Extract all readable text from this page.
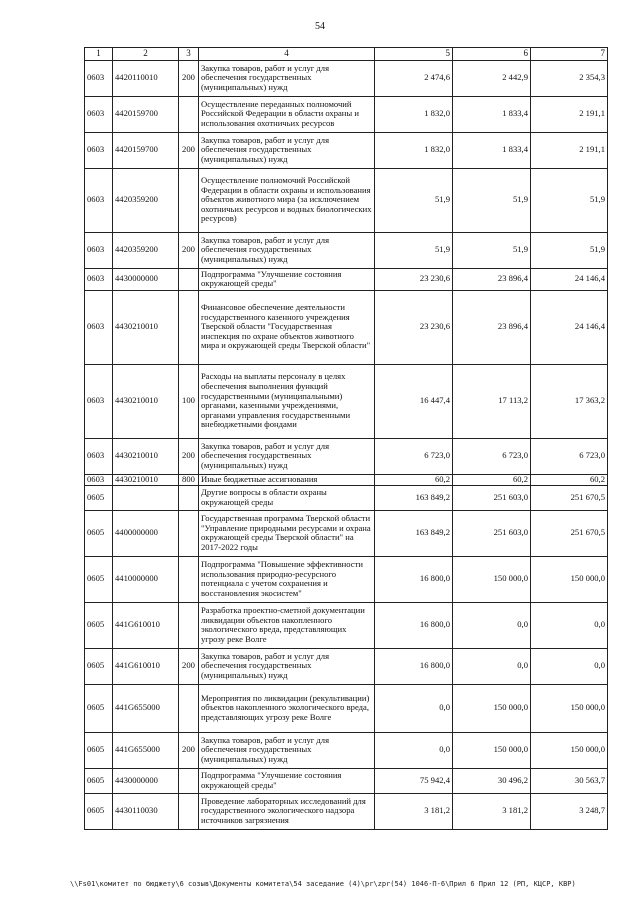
54
1	2	3	4	5	6	7
0603	4420110010	200	Закупка товаров, работ и услуг для обеспечения государственных (муниципальных) нужд	2 474,6	2 442,9	2 354,3
0603	4420159700		Осуществление переданных полномочий Российской Федерации в области охраны и использования охотничьих ресурсов	1 832,0	1 833,4	2 191,1
0603	4420159700	200	Закупка товаров, работ и услуг для обеспечения государственных (муниципальных) нужд	1 832,0	1 833,4	2 191,1
0603	4420359200		Осуществление полномочий Российской Федерации в области охраны и использования объектов животного мира (за исключением охотничьих ресурсов и водных биологических ресурсов)	51,9	51,9	51,9
0603	4420359200	200	Закупка товаров, работ и услуг для обеспечения государственных (муниципальных) нужд	51,9	51,9	51,9
0603	4430000000		Подпрограмма "Улучшение состояния окружающей среды"	23 230,6	23 896,4	24 146,4
0603	4430210010		Финансовое обеспечение деятельности государственного казенного учреждения Тверской области "Государственная инспекция по охране объектов животного мира и окружающей среды Тверской области"	23 230,6	23 896,4	24 146,4
0603	4430210010	100	Расходы на выплаты персоналу в целях обеспечения выполнения функций государственными (муниципальными) органами, казенными учреждениями, органами управления государственными внебюджетными фондами	16 447,4	17 113,2	17 363,2
0603	4430210010	200	Закупка товаров, работ и услуг для обеспечения государственных (муниципальных) нужд	6 723,0	6 723,0	6 723,0
0603	4430210010	800	Иные бюджетные ассигнования	60,2	60,2	60,2
0605			Другие вопросы в области охраны окружающей среды	163 849,2	251 603,0	251 670,5
0605	4400000000		Государственная программа Тверской области "Управление природными ресурсами и охрана окружающей среды Тверской области" на 2017-2022 годы	163 849,2	251 603,0	251 670,5
0605	4410000000		Подпрограмма "Повышение эффективности использования природно-ресурсного потенциала с учетом сохранения и восстановления экосистем"	16 800,0	150 000,0	150 000,0
0605	441G610010		Разработка проектно-сметной документации ликвидации объектов накопленного экологического вреда, представляющих угрозу реке Волге	16 800,0	0,0	0,0
0605	441G610010	200	Закупка товаров, работ и услуг для обеспечения государственных (муниципальных) нужд	16 800,0	0,0	0,0
0605	441G655000		Мероприятия по ликвидации (рекультивации) объектов накопленного экологического вреда, представляющих угрозу реке Волге	0,0	150 000,0	150 000,0
0605	441G655000	200	Закупка товаров, работ и услуг для обеспечения государственных (муниципальных) нужд	0,0	150 000,0	150 000,0
0605	4430000000		Подпрограмма "Улучшение состояния окружающей среды"	75 942,4	30 496,2	30 563,7
0605	4430110030		Проведение лабораторных исследований для государственного экологического надзора источников загрязнения	3 181,2	3 181,2	3 248,7
\\Fs01\комитет по бюджету\6 созыв\Документы комитета\54 заседание (4)\pr\zpr(54) 1046-П-6\Прил 6 Прил 12 (РП, КЦСР, КВР)
